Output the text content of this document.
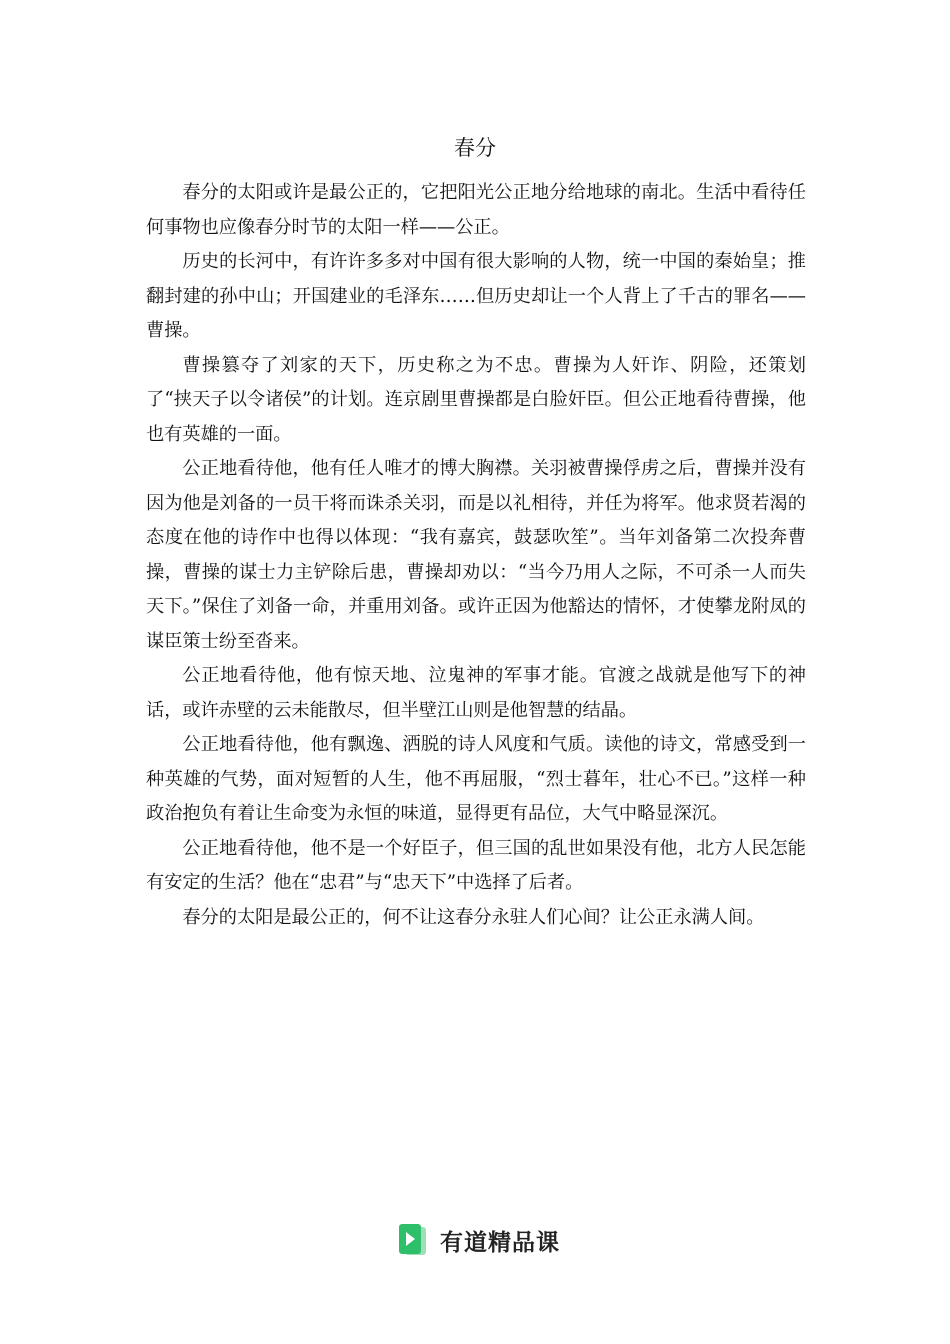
春分

春分的太阳或许是最公正的，它把阳光公正地分给地球的南北。生活中看待任何事物也应像春分时节的太阳一样——公正。

历史的长河中，有许许多多对中国有很大影响的人物，统一中国的秦始皇；推翻封建的孙中山；开国建业的毛泽东……但历史却让一个人背上了千古的罪名——曹操。

曹操篡夺了刘家的天下，历史称之为不忠。曹操为人奸诈、阴险，还策划了“挟天子以令诸侯”的计划。连京剧里曹操都是白脸奸臣。但公正地看待曹操，他也有英雄的一面。

公正地看待他，他有任人唯才的博大胸襟。关羽被曹操俘虏之后，曹操并没有因为他是刘备的一员干将而诛杀关羽，而是以礼相待，并任为将军。他求贤若渴的态度在他的诗作中也得以体现：“我有嘉宾，鼓瑟吹笙”。当年刘备第二次投奔曹操，曹操的谋士力主铲除后患，曹操却劝以：“当今乃用人之际，不可杀一人而失天下。”保住了刘备一命，并重用刘备。或许正因为他豁达的情怀，才使攀龙附凤的谋臣策士纷至沓来。

公正地看待他，他有惊天地、泣鬼神的军事才能。官渡之战就是他写下的神话，或许赤壁的云未能散尽，但半壁江山则是他智慧的结晶。

公正地看待他，他有飘逸、洒脱的诗人风度和气质。读他的诗文，常感受到一种英雄的气势，面对短暂的人生，他不再屈服，“烈士暮年，壮心不已。”这样一种政治抱负有着让生命变为永恒的味道，显得更有品位，大气中略显深沉。

公正地看待他，他不是一个好臣子，但三国的乱世如果没有他，北方人民怎能有安定的生活？他在“忠君”与“忠天下”中选择了后者。

春分的太阳是最公正的，何不让这春分永驻人们心间？让公正永满人间。

有道精品课
